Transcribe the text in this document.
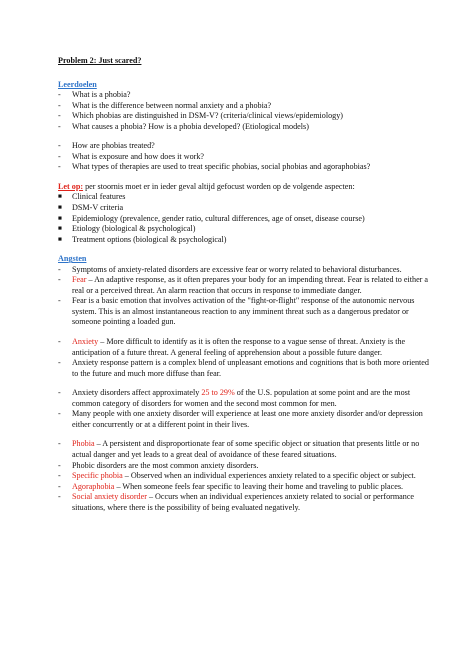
Problem 2: Just scared?
Leerdoelen
-	What is a phobia?
-	What is the difference between normal anxiety and a phobia?
-	Which phobias are distinguished in DSM-V? (criteria/clinical views/epidemiology)
-	What causes a phobia? How is a phobia developed? (Etiological models)
-	How are phobias treated?
-	What is exposure and how does it work?
-	What types of therapies are used to treat specific phobias, social phobias and agoraphobias?
Let op: per stoornis moet er in ieder geval altijd gefocust worden op de volgende aspecten:
■	Clinical features
■	DSM-V criteria
■	Epidemiology (prevalence, gender ratio, cultural differences, age of onset, disease course)
■	Etiology (biological & psychological)
■	Treatment options (biological & psychological)
Angsten
-	Symptoms of anxiety-related disorders are excessive fear or worry related to behavioral disturbances.
-	Fear – An adaptive response, as it often prepares your body for an impending threat. Fear is related to either a real or a perceived threat. An alarm reaction that occurs in response to immediate danger.
-	Fear is a basic emotion that involves activation of the "fight-or-flight" response of the autonomic nervous system. This is an almost instantaneous reaction to any imminent threat such as a dangerous predator or someone pointing a loaded gun.
-	Anxiety – More difficult to identify as it is often the response to a vague sense of threat. Anxiety is the anticipation of a future threat. A general feeling of apprehension about a possible future danger.
-	Anxiety response pattern is a complex blend of unpleasant emotions and cognitions that is both more oriented to the future and much more diffuse than fear.
-	Anxiety disorders affect approximately 25 to 29% of the U.S. population at some point and are the most common category of disorders for women and the second most common for men.
-	Many people with one anxiety disorder will experience at least one more anxiety disorder and/or depression either concurrently or at a different point in their lives.
-	Phobia – A persistent and disproportionate fear of some specific object or situation that presents little or no actual danger and yet leads to a great deal of avoidance of these feared situations.
-	Phobic disorders are the most common anxiety disorders.
-	Specific phobia – Observed when an individual experiences anxiety related to a specific object or subject.
-	Agoraphobia – When someone feels fear specific to leaving their home and traveling to public places.
-	Social anxiety disorder – Occurs when an individual experiences anxiety related to social or performance situations, where there is the possibility of being evaluated negatively.
